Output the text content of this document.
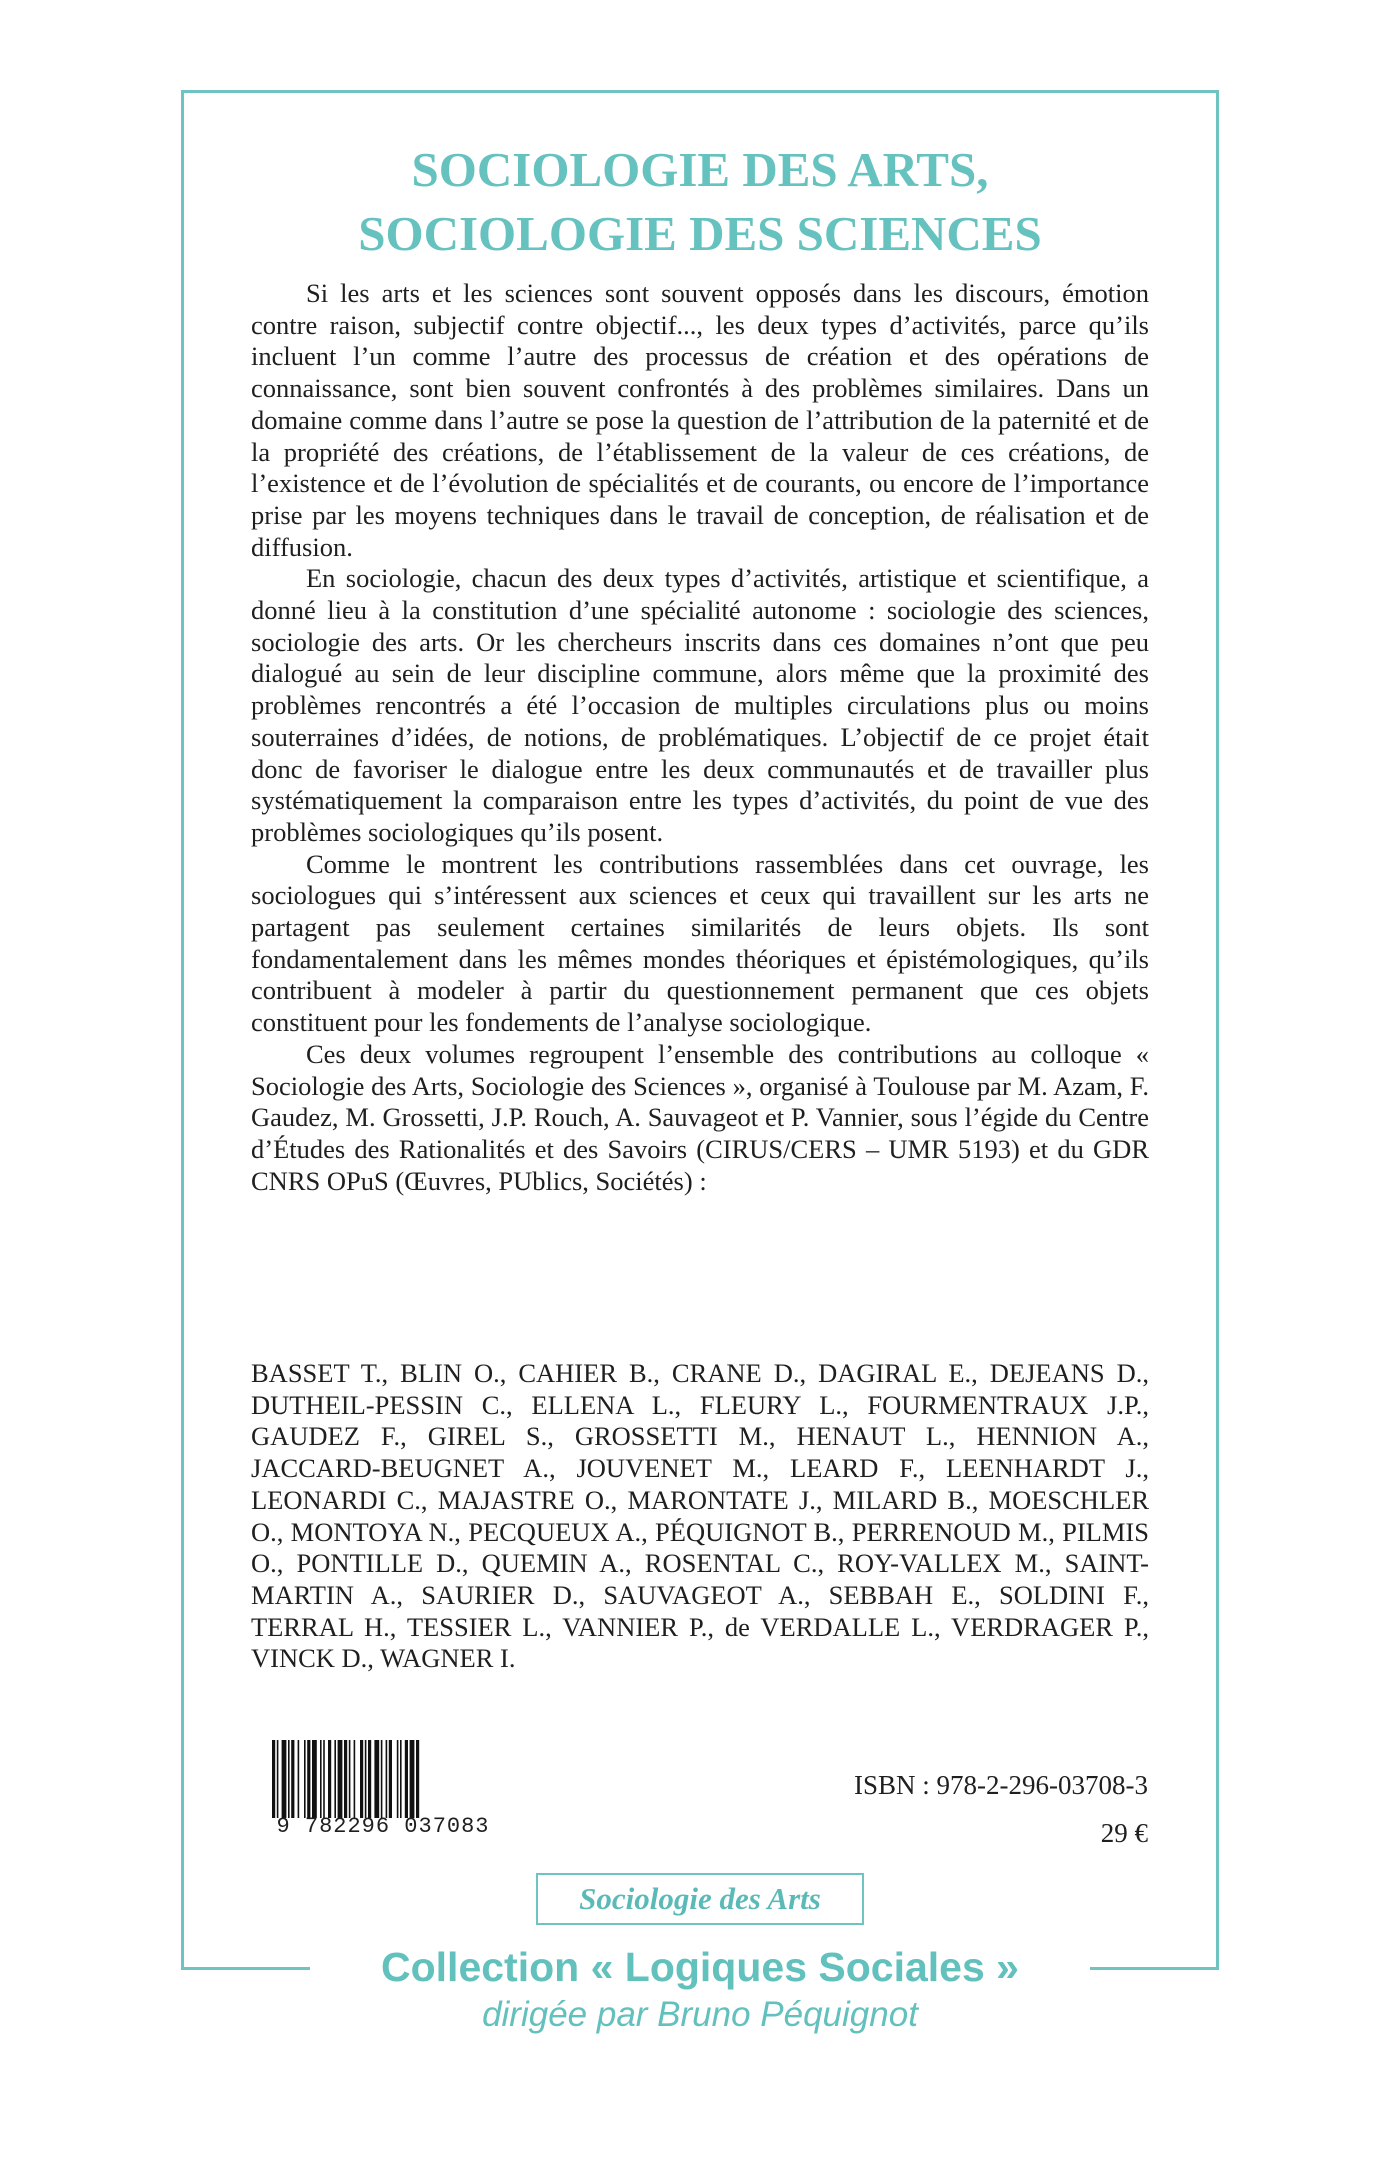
SOCIOLOGIE DES ARTS,
SOCIOLOGIE DES SCIENCES

Si les arts et les sciences sont souvent opposés dans les discours, émotion contre raison, subjectif contre objectif..., les deux types d’activités, parce qu’ils incluent l’un comme l’autre des processus de création et des opérations de connaissance, sont bien souvent confrontés à des problèmes similaires. Dans un domaine comme dans l’autre se pose la question de l’attribution de la paternité et de la propriété des créations, de l’établissement de la valeur de ces créations, de l’existence et de l’évolution de spécialités et de courants, ou encore de l’importance prise par les moyens techniques dans le travail de conception, de réalisation et de diffusion.

En sociologie, chacun des deux types d’activités, artistique et scientifique, a donné lieu à la constitution d’une spécialité autonome : sociologie des sciences, sociologie des arts. Or les chercheurs inscrits dans ces domaines n’ont que peu dialogué au sein de leur discipline commune, alors même que la proximité des problèmes rencontrés a été l’occasion de multiples circulations plus ou moins souterraines d’idées, de notions, de problématiques. L’objectif de ce projet était donc de favoriser le dialogue entre les deux communautés et de travailler plus systématiquement la comparaison entre les types d’activités, du point de vue des problèmes sociologiques qu’ils posent.

Comme le montrent les contributions rassemblées dans cet ouvrage, les sociologues qui s’intéressent aux sciences et ceux qui travaillent sur les arts ne partagent pas seulement certaines similarités de leurs objets. Ils sont fondamentalement dans les mêmes mondes théoriques et épistémologiques, qu’ils contribuent à modeler à partir du questionnement permanent que ces objets constituent pour les fondements de l’analyse sociologique.

Ces deux volumes regroupent l’ensemble des contributions au colloque « Sociologie des Arts, Sociologie des Sciences », organisé à Toulouse par M. Azam, F. Gaudez, M. Grossetti, J.P. Rouch, A. Sauvageot et P. Vannier, sous l’égide du Centre d’Études des Rationalités et des Savoirs (CIRUS/CERS – UMR 5193) et du GDR CNRS OPuS (Œuvres, PUblics, Sociétés) :

BASSET T., BLIN O., CAHIER B., CRANE D., DAGIRAL E., DEJEANS D., DUTHEIL-PESSIN C., ELLENA L., FLEURY L., FOURMENTRAUX J.P., GAUDEZ F., GIREL S., GROSSETTI M., HENAUT L., HENNION A., JACCARD-BEUGNET A., JOUVENET M., LEARD F., LEENHARDT J., LEONARDI C., MAJASTRE O., MARONTATE J., MILARD B., MOESCHLER O., MONTOYA N., PECQUEUX A., PÉQUIGNOT B., PERRENOUD M., PILMIS O., PONTILLE D., QUEMIN A., ROSENTAL C., ROY-VALLEX M., SAINT-MARTIN A., SAURIER D., SAUVAGEOT A., SEBBAH E., SOLDINI F., TERRAL H., TESSIER L., VANNIER P., de VERDALLE L., VERDRAGER P., VINCK D., WAGNER I.

9 782296 037083

ISBN : 978-2-296-03708-3

29 €

Sociologie des Arts

Collection « Logiques Sociales »

dirigée par Bruno Péquignot
